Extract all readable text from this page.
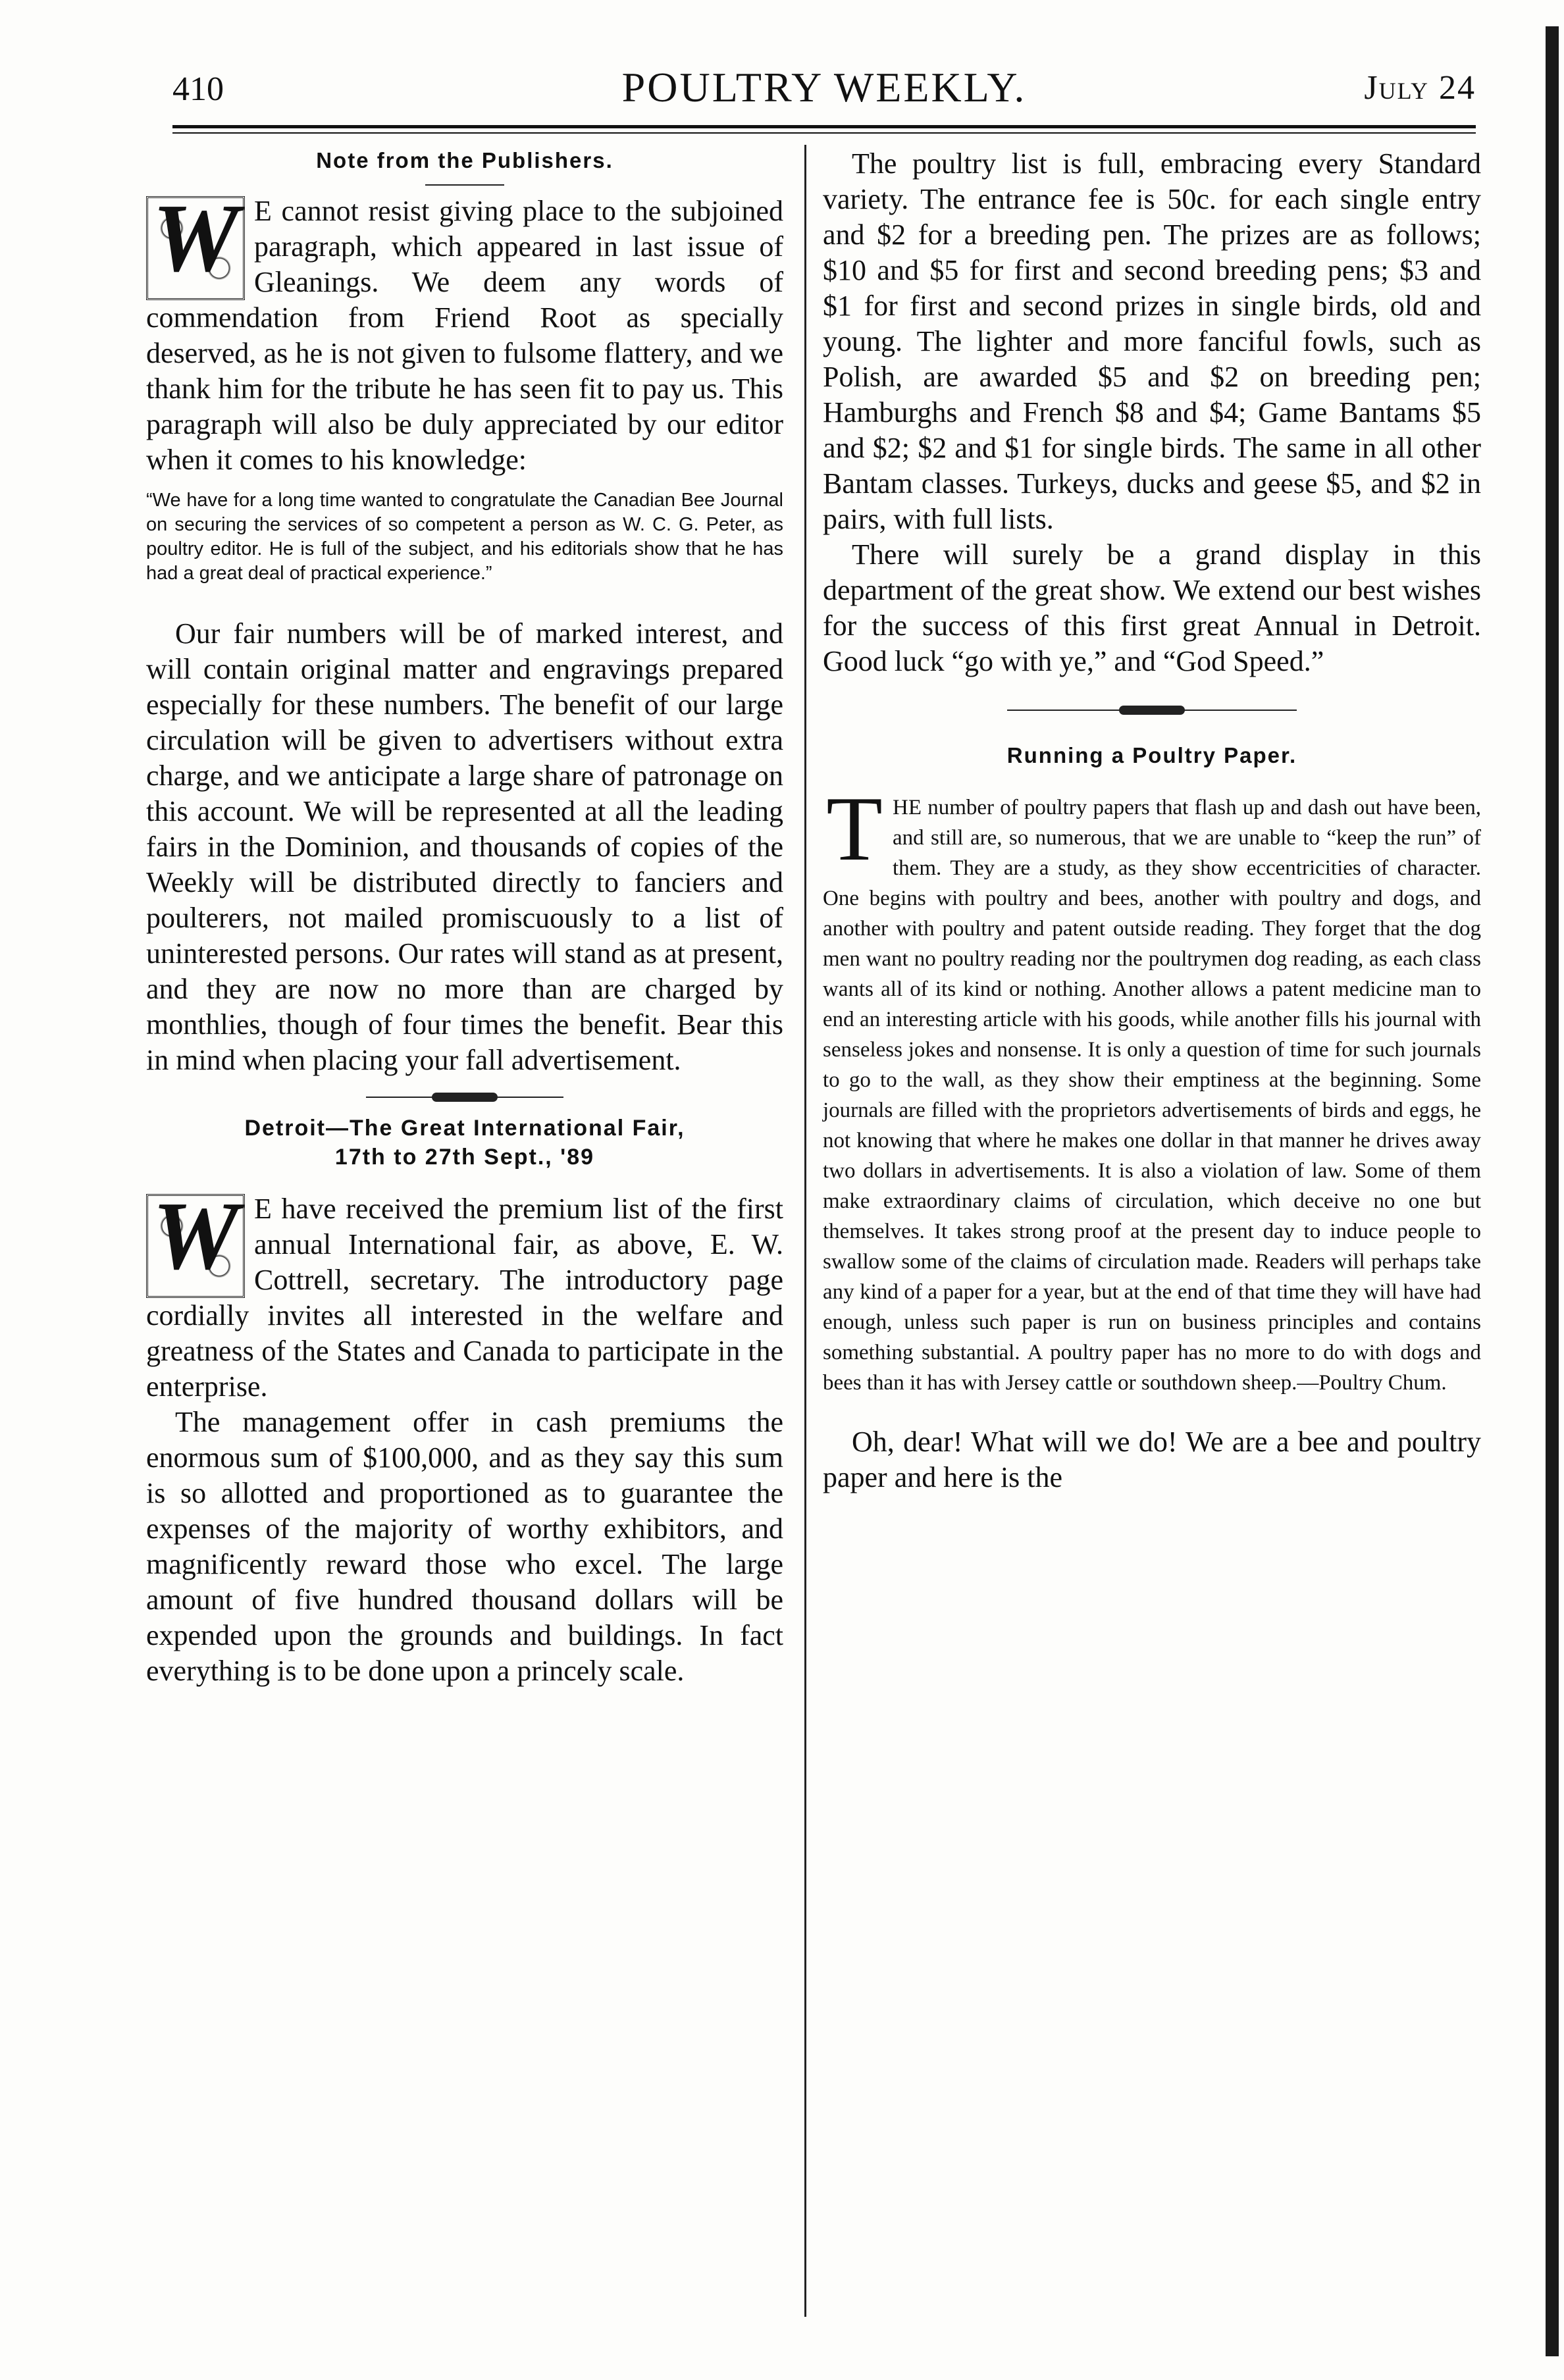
410	POULTRY WEEKLY.	July 24
Note from the Publishers.

W E cannot resist giving place to the subjoined paragraph, which appeared in last issue of Gleanings. We deem any words of commendation from Friend Root as specially deserved, as he is not given to fulsome flattery, and we thank him for the tribute he has seen fit to pay us. This paragraph will also be duly appreciated by our editor when it comes to his knowledge:

“We have for a long time wanted to congratulate the Canadian Bee Journal on securing the services of so competent a person as W. C. G. Peter, as poultry editor. He is full of the subject, and his editorials show that he has had a great deal of practical experience.”

Our fair numbers will be of marked interest, and will contain original matter and engravings prepared especially for these numbers. The benefit of our large circulation will be given to advertisers without extra charge, and we anticipate a large share of patronage on this account. We will be represented at all the leading fairs in the Dominion, and thousands of copies of the Weekly will be distributed directly to fanciers and poulterers, not mailed promiscuously to a list of uninterested persons. Our rates will stand as at present, and they are now no more than are charged by monthlies, though of four times the benefit. Bear this in mind when placing your fall advertisement.

Detroit—The Great International Fair,
17th to 27th Sept., '89

W E have received the premium list of the first annual International fair, as above, E. W. Cottrell, secretary. The introductory page cordially invites all interested in the welfare and greatness of the States and Canada to participate in the enterprise.

The management offer in cash premiums the enormous sum of $100,000, and as they say this sum is so allotted and proportioned as to guarantee the expenses of the majority of worthy exhibitors, and magnificently reward those who excel. The large amount of five hundred thousand dollars will be expended upon the grounds and buildings. In fact everything is to be done upon a princely scale.

The poultry list is full, embracing every Standard variety. The entrance fee is 50c. for each single entry and $2 for a breeding pen. The prizes are as follows; $10 and $5 for first and second breeding pens; $3 and $1 for first and second prizes in single birds, old and young. The lighter and more fanciful fowls, such as Polish, are awarded $5 and $2 on breeding pen; Hamburghs and French $8 and $4; Game Bantams $5 and $2; $2 and $1 for single birds. The same in all other Bantam classes. Turkeys, ducks and geese $5, and $2 in pairs, with full lists.

There will surely be a grand display in this department of the great show. We extend our best wishes for the success of this first great Annual in Detroit. Good luck “go with ye,” and “God Speed.”

Running a Poultry Paper.

THE number of poultry papers that flash up and dash out have been, and still are, so numerous, that we are unable to “keep the run” of them. They are a study, as they show eccentricities of character. One begins with poultry and bees, another with poultry and dogs, and another with poultry and patent outside reading. They forget that the dog men want no poultry reading nor the poultrymen dog reading, as each class wants all of its kind or nothing. Another allows a patent medicine man to end an interesting article with his goods, while another fills his journal with senseless jokes and nonsense. It is only a question of time for such journals to go to the wall, as they show their emptiness at the beginning. Some journals are filled with the proprietors advertisements of birds and eggs, he not knowing that where he makes one dollar in that manner he drives away two dollars in advertisements. It is also a violation of law. Some of them make extraordinary claims of circulation, which deceive no one but themselves. It takes strong proof at the present day to induce people to swallow some of the claims of circulation made. Readers will perhaps take any kind of a paper for a year, but at the end of that time they will have had enough, unless such paper is run on business principles and contains something substantial. A poultry paper has no more to do with dogs and bees than it has with Jersey cattle or southdown sheep.—Poultry Chum.

Oh, dear! What will we do! We are a bee and poultry paper and here is the
